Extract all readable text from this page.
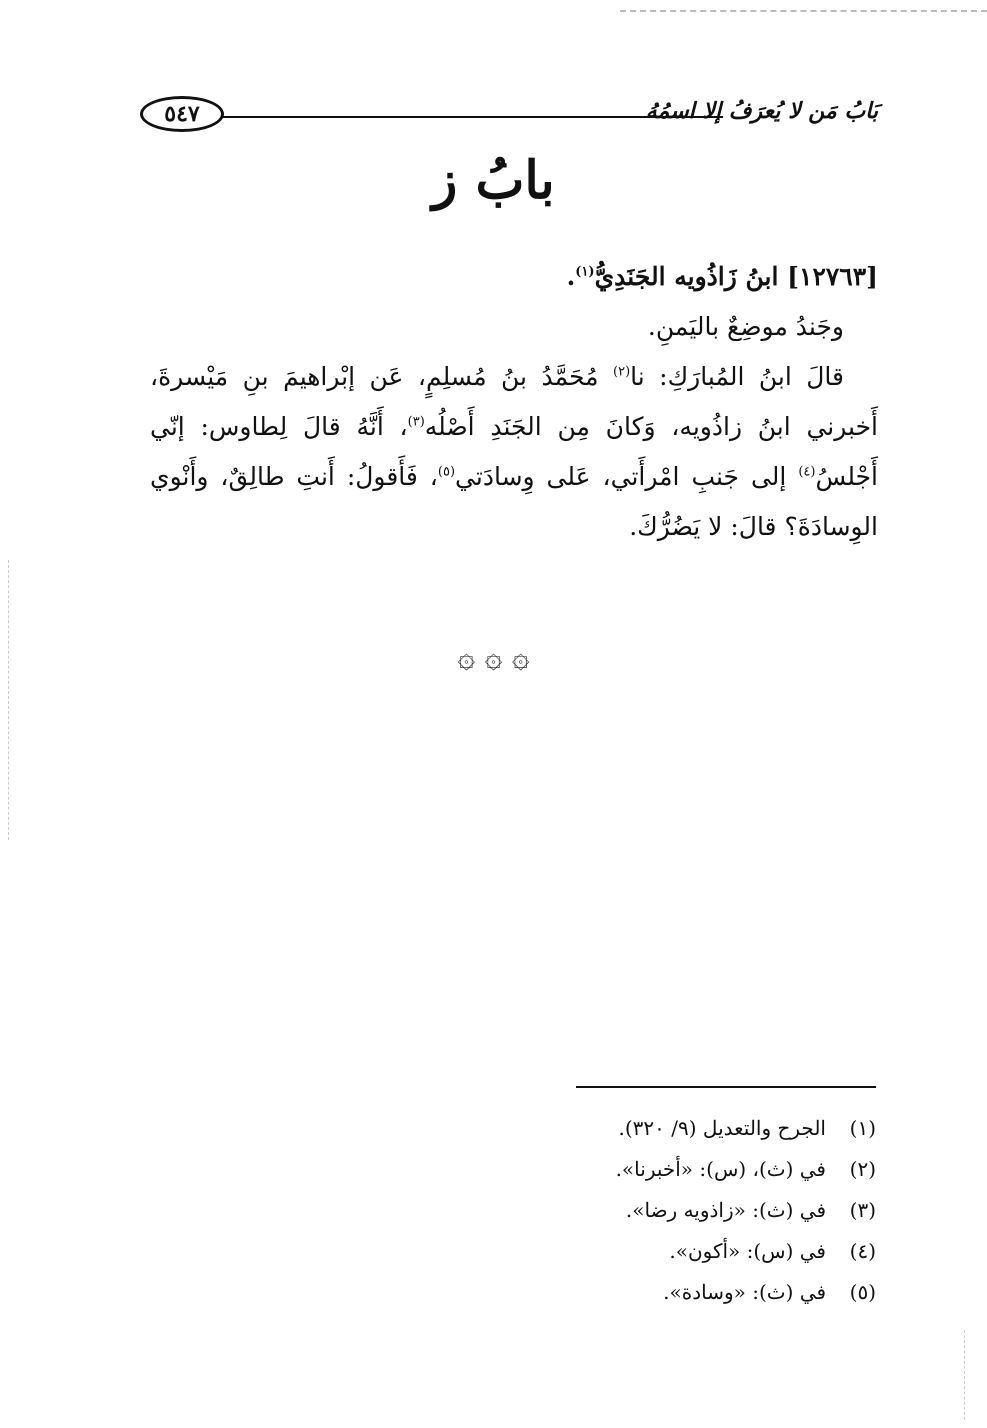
٥٤٧	بَابُ مَن لا يُعرَفُ إلا اسمُهُ
بابُ ز

[١٢٧٦٣] ابنُ زَاذُويه الجَنَدِيُّ$^{(١)}$.

وجَندُ موضِعٌ باليَمنِ.

قالَ ابنُ المُبارَكِ: نا$^{(٢)}$ مُحَمَّدُ بنُ مُسلِمٍ، عَن إبْراهيمَ بنِ مَيْسرةَ، أَخبرني ابنُ زاذُويه، وَكانَ مِن الجَنَدِ أَصْلُه$^{(٣)}$، أَنَّهُ قالَ لِطاوس: إنّي أَجْلسُ$^{(٤)}$ إلى جَنبِ امْرأَتي، عَلى وِسادَتي$^{(٥)}$، فَأَقولُ: أَنتِ طالِقٌ، وأَنْوي الوِسادَةَ؟ قالَ: لا يَضُرُّكَ.

۞ ۞ ۞
(١)الجرح والتعديل (٩/ ٣٢٠).
(٢)في (ث)، (س): «أخبرنا».
(٣)في (ث): «زاذويه رضا».
(٤)في (س): «أكون».
(٥)في (ث): «وسادة».
